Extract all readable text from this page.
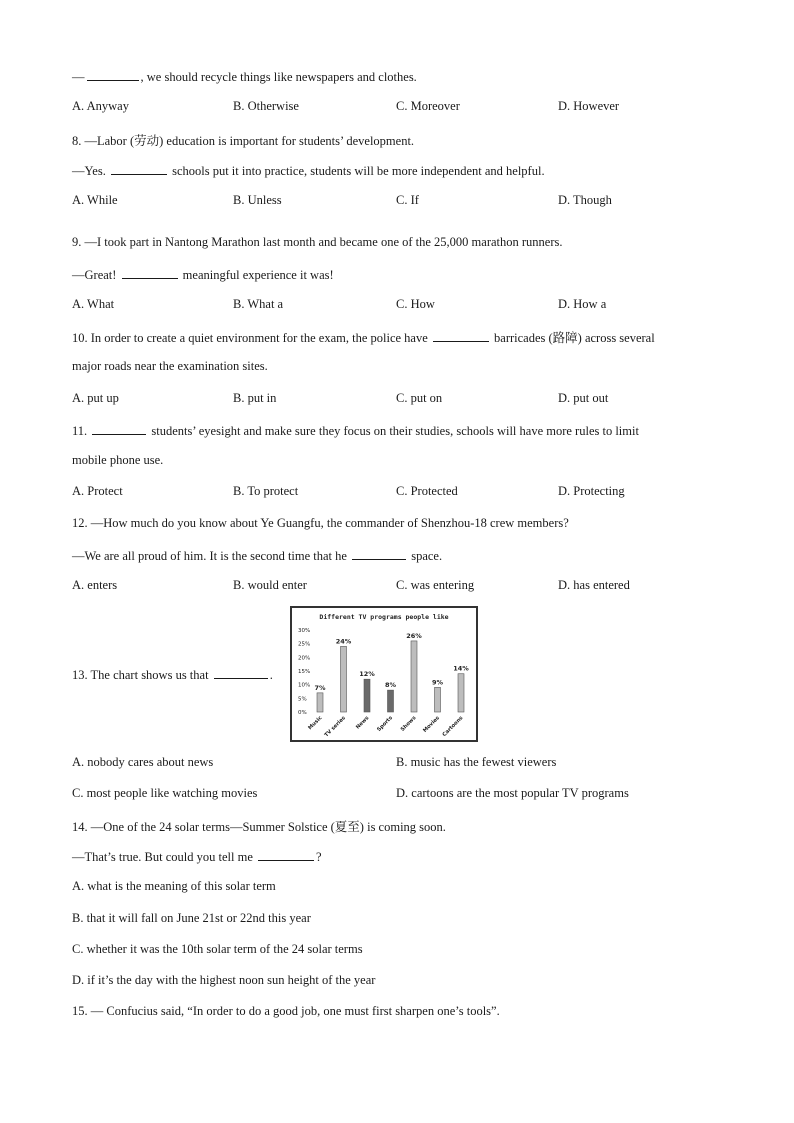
—	, we should recycle things like newspapers and clothes.
A. Anyway	B. Otherwise	C. Moreover	D. However
8. —Labor (劳动) education is important for students’ development.
—Yes.	schools put it into practice, students will be more independent and helpful.
A. While	B. Unless	C. If	D. Though
9. —I took part in Nantong Marathon last month and became one of the 25,000 marathon runners.
—Great!	meaningful experience it was!
A. What	B. What a	C. How	D. How a
10. In order to create a quiet environment for the exam, the police have	barricades (路障) across several
major roads near the examination sites.
A. put up	B. put in	C. put on	D. put out
11.	students’ eyesight and make sure they focus on their studies, schools will have more rules to limit
mobile phone use.
A. Protect	B. To protect	C. Protected	D. Protecting
12. —How much do you know about Ye Guangfu, the commander of Shenzhou-18 crew members?
—We are all proud of him. It is the second time that he	space.
A. enters	B. would enter	C. was entering	D. has entered
13. The chart shows us that	.
Different TV programs people like
0%
5%
10%
15%
20%
25%
30%
7%
24%
12%
8%
26%
9%
14%
Music TV series News Sports Shows Movies Cartoons
A. nobody cares about news	B. music has the fewest viewers
C. most people like watching movies	D. cartoons are the most popular TV programs
14. —One of the 24 solar terms—Summer Solstice (夏至) is coming soon.
—That’s true. But could you tell me	?
A. what is the meaning of this solar term
B. that it will fall on June 21st or 22nd this year
C. whether it was the 10th solar term of the 24 solar terms
D. if it’s the day with the highest noon sun height of the year
15. — Confucius said, “In order to do a good job, one must first sharpen one’s tools”.
